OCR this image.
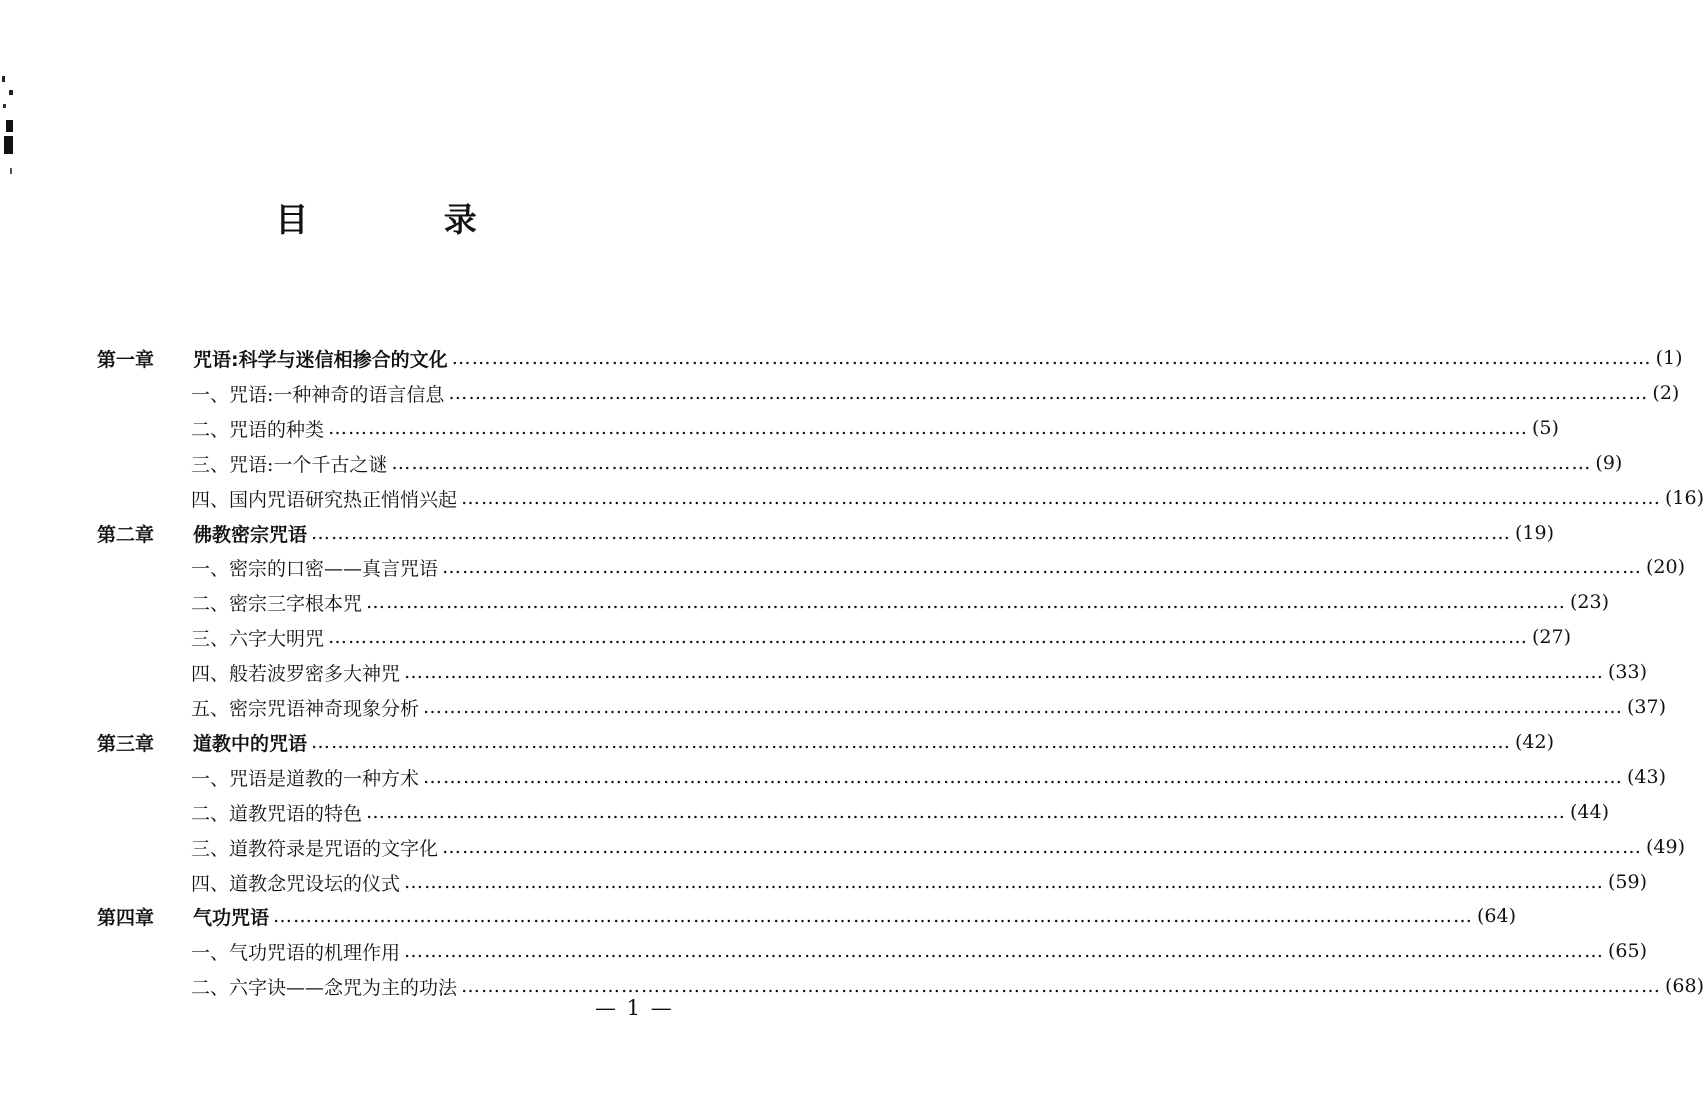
目 录
第一章	咒语:科学与迷信相掺合的文化 ……………………………………………………………………………………………………………………………………………………………… (1)
一、咒语:一种神奇的语言信息 ……………………………………………………………………………………………………………………………………………………………… (2)
二、咒语的种类 ……………………………………………………………………………………………………………………………………………………………… (5)
三、咒语:一个千古之谜 ……………………………………………………………………………………………………………………………………………………………… (9)
四、国内咒语研究热正悄悄兴起 ……………………………………………………………………………………………………………………………………………………………… (16)
第二章	佛教密宗咒语 ……………………………………………………………………………………………………………………………………………………………… (19)
一、密宗的口密——真言咒语 ……………………………………………………………………………………………………………………………………………………………… (20)
二、密宗三字根本咒 ……………………………………………………………………………………………………………………………………………………………… (23)
三、六字大明咒 ……………………………………………………………………………………………………………………………………………………………… (27)
四、般若波罗密多大神咒 ……………………………………………………………………………………………………………………………………………………………… (33)
五、密宗咒语神奇现象分析 ……………………………………………………………………………………………………………………………………………………………… (37)
第三章	道教中的咒语 ……………………………………………………………………………………………………………………………………………………………… (42)
一、咒语是道教的一种方术 ……………………………………………………………………………………………………………………………………………………………… (43)
二、道教咒语的特色 ……………………………………………………………………………………………………………………………………………………………… (44)
三、道教符录是咒语的文字化 ……………………………………………………………………………………………………………………………………………………………… (49)
四、道教念咒设坛的仪式 ……………………………………………………………………………………………………………………………………………………………… (59)
第四章	气功咒语 ……………………………………………………………………………………………………………………………………………………………… (64)
一、气功咒语的机理作用 ……………………………………………………………………………………………………………………………………………………………… (65)
二、六字诀——念咒为主的功法 ……………………………………………………………………………………………………………………………………………………………… (68)
— 1 —
